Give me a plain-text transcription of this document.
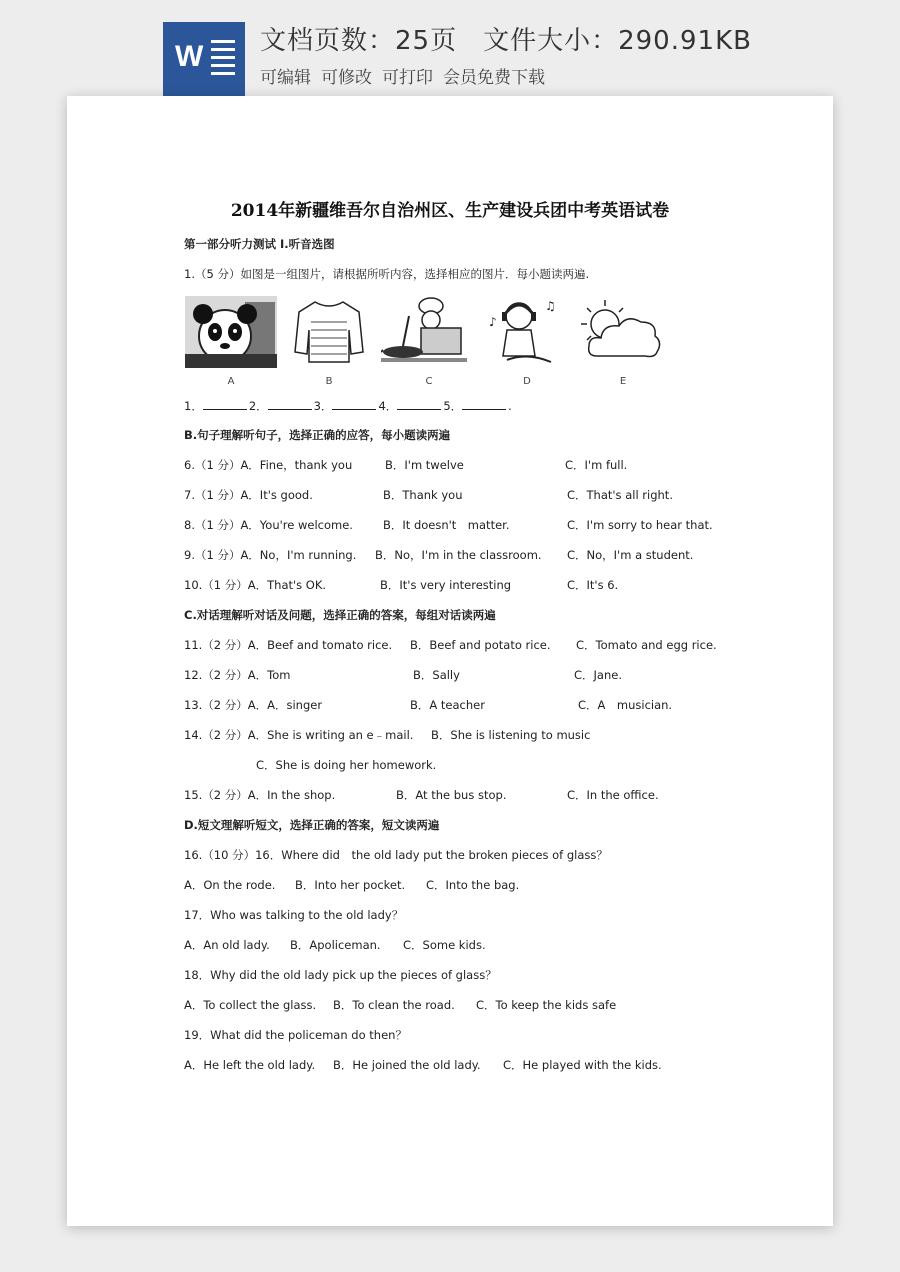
W 文档页数：25页 文件大小：290.91KB
可编辑 可修改 可打印 会员免费下载
2014年新疆维吾尔自治州区、生产建设兵团中考英语试卷
第一部分听力测试 I.听音选图
1.（5 分）如图是一组图片，请根据所听内容，选择相应的图片．每小题读两遍.
♪
♫
A	B	C	D	E
1．	2．	3．	4．	5．	.
B.句子理解听句子，选择正确的应答，每小题读两遍
6.（1 分）A．Fine，thank you	B．I'm twelve	C．I'm full.
7.（1 分）A．It's good.	B．Thank you	C．That's all right.
8.（1 分）A．You're welcome.	B．It doesn't　matter.	C．I'm sorry to hear that.
9.（1 分）A．No，I'm running. B．No，I'm in the classroom. C．No，I'm a student.
10.（1 分）A．That's OK.	B．It's very interesting	C．It's 6.
C.对话理解听对话及问题，选择正确的答案，每组对话读两遍
11.（2 分）A．Beef and tomato rice. B．Beef and potato rice. C．Tomato and egg rice.
12.（2 分）A．Tom	B．Sally	C．Jane.
13.（2 分）A．A．singer	B．A teacher	C．A　musician.
14.（2 分）A．She is writing an e﹣mail. B．She is listening to music
C．She is doing her homework.
15.（2 分）A．In the shop.	B．At the bus stop.	C．In the office.
D.短文理解听短文，选择正确的答案，短文读两遍
16.（10 分）16．Where did　the old lady put the broken pieces of glass？
A．On the rode. B．Into her pocket. C．Into the bag.
17．Who was talking to the old lady？
A．An old lady. B．Apoliceman. C．Some kids.
18．Why did the old lady pick up the pieces of glass？
A．To collect the glass. B．To clean the road. C．To keep the kids safe
19．What did the policeman do then？
A．He left the old lady. B．He joined the old lady. C．He played with the kids.
